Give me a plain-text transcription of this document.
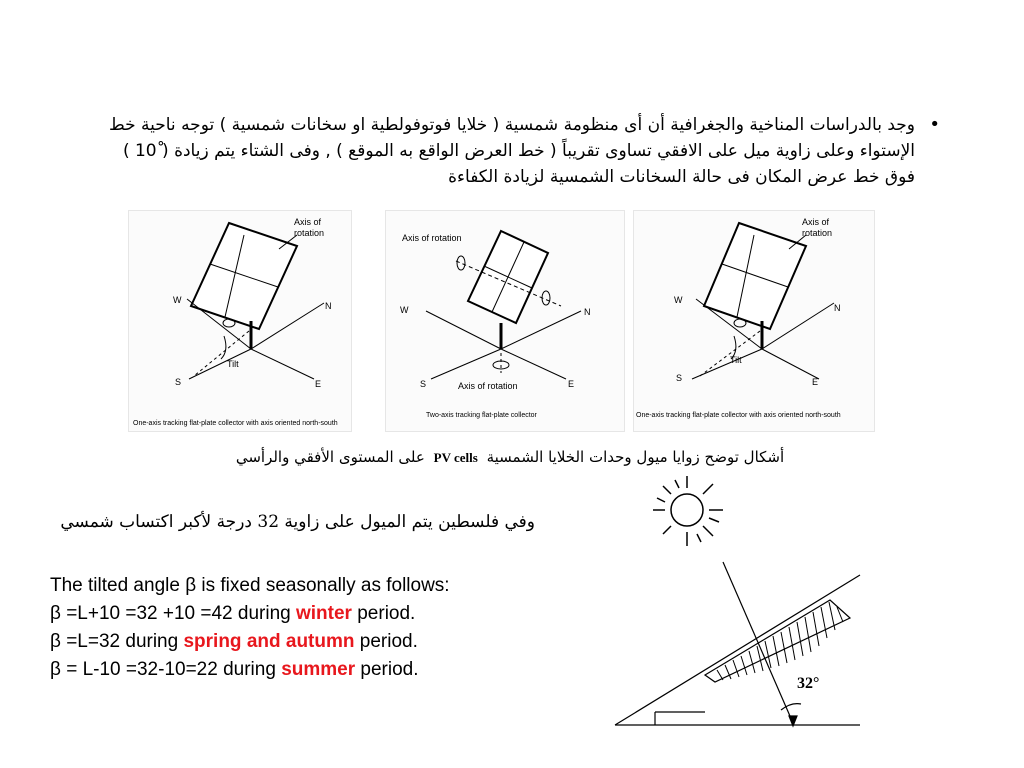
•
وجد بالدراسات المناخية والجغرافية أن أى منظومة شمسية ( خلايا فوتوفولطية او سخانات شمسية ) توجه ناحية خط الإستواء وعلى زاوية ميل على الافقي تساوى تقريباً ( خط العرض الواقع به الموقع ) , وفى الشتاء يتم زيادة ( 10ْ ) فوق خط عرض المكان فى حالة السخانات الشمسية لزيادة الكفاءة
Axis of
rotation
W
N
S	E
Tilt
One-axis tracking flat-plate collector with axis oriented north-south
Axis of rotation
W	N
S	E
Axis of rotation
Two-axis tracking flat-plate collector
Axis of
rotation
W
N
S	E
Tilt
One-axis tracking flat-plate collector with axis oriented north-south
أشكال توضح زوايا ميول وحدات الخلايا الشمسية PV cells على المستوى الأفقي والرأسي
وفي فلسطين يتم الميول على زاوية 32 درجة لأكبر اكتساب شمسي
The tilted angle β is fixed seasonally as follows:
β =L+10 =32 +10 =42 during winter period.
β =L=32 during spring and autumn period.
β = L-10 =32-10=22 during summer period.
32°
